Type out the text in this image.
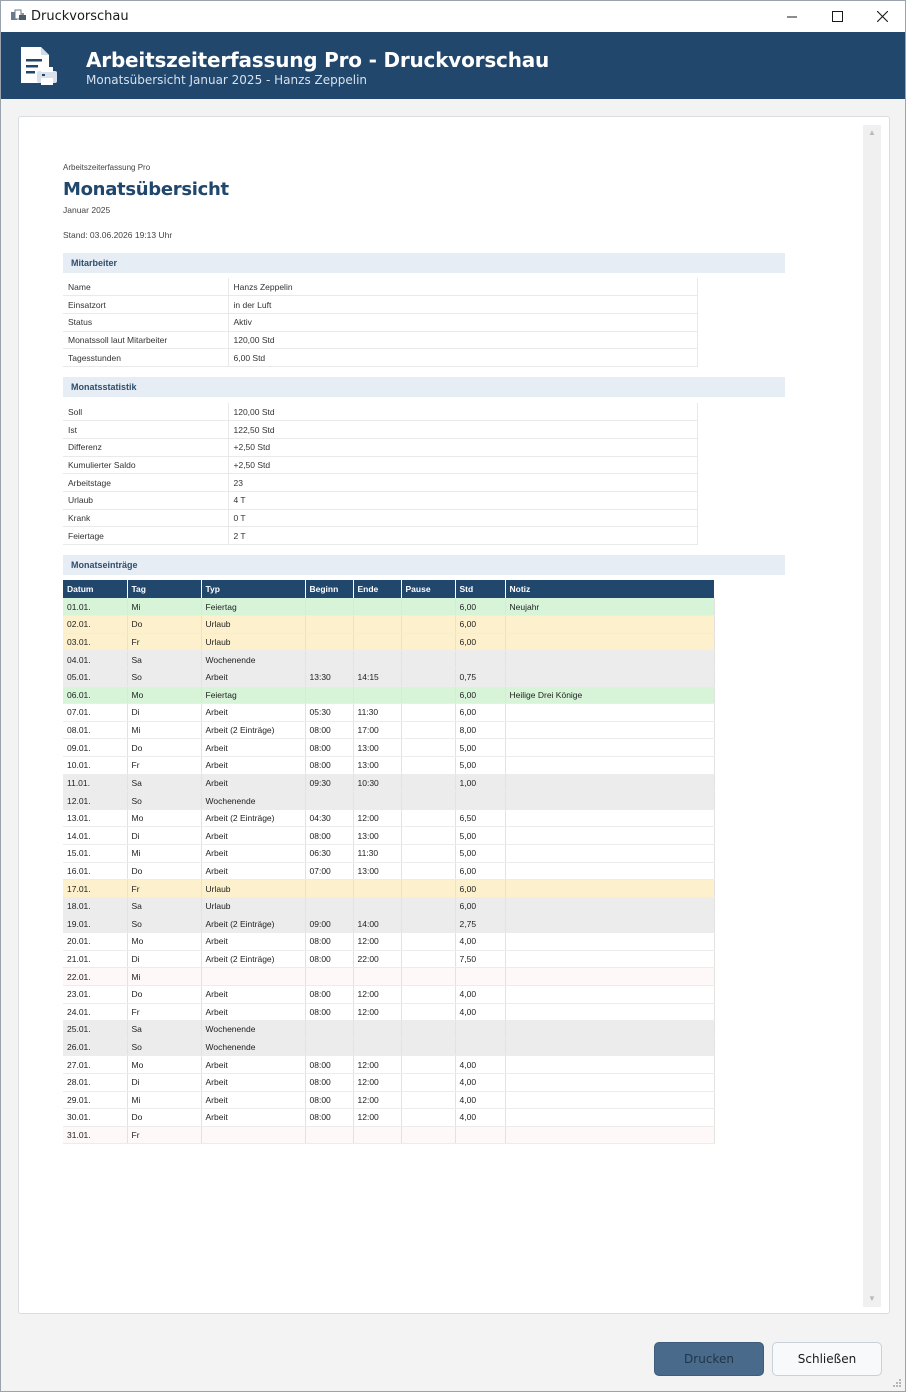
Druckvorschau
Arbeitszeiterfassung Pro - Druckvorschau
Monatsübersicht Januar 2025 - Hanzs Zeppelin
▲
▼
Arbeitszeiterfassung Pro
Monatsübersicht
Januar 2025
Stand: 03.06.2026 19:13 Uhr
Mitarbeiter
Name	Hanzs Zeppelin
Einsatzort	in der Luft
Status	Aktiv
Monatssoll laut Mitarbeiter	120,00 Std
Tagesstunden	6,00 Std
Monatsstatistik
Soll	120,00 Std
Ist	122,50 Std
Differenz	+2,50 Std
Kumulierter Saldo	+2,50 Std
Arbeitstage	23
Urlaub	4 T
Krank	0 T
Feiertage	2 T
Monatseinträge
Datum	Tag	Typ	Beginn	Ende	Pause	Std	Notiz
01.01.	Mi	Feiertag				6,00	Neujahr
02.01.	Do	Urlaub				6,00	
03.01.	Fr	Urlaub				6,00	
04.01.	Sa	Wochenende					
05.01.	So	Arbeit	13:30	14:15		0,75	
06.01.	Mo	Feiertag				6,00	Heilige Drei Könige
07.01.	Di	Arbeit	05:30	11:30		6,00	
08.01.	Mi	Arbeit (2 Einträge)	08:00	17:00		8,00	
09.01.	Do	Arbeit	08:00	13:00		5,00	
10.01.	Fr	Arbeit	08:00	13:00		5,00	
11.01.	Sa	Arbeit	09:30	10:30		1,00	
12.01.	So	Wochenende					
13.01.	Mo	Arbeit (2 Einträge)	04:30	12:00		6,50	
14.01.	Di	Arbeit	08:00	13:00		5,00	
15.01.	Mi	Arbeit	06:30	11:30		5,00	
16.01.	Do	Arbeit	07:00	13:00		6,00	
17.01.	Fr	Urlaub				6,00	
18.01.	Sa	Urlaub				6,00	
19.01.	So	Arbeit (2 Einträge)	09:00	14:00		2,75	
20.01.	Mo	Arbeit	08:00	12:00		4,00	
21.01.	Di	Arbeit (2 Einträge)	08:00	22:00		7,50	
22.01.	Mi						
23.01.	Do	Arbeit	08:00	12:00		4,00	
24.01.	Fr	Arbeit	08:00	12:00		4,00	
25.01.	Sa	Wochenende					
26.01.	So	Wochenende					
27.01.	Mo	Arbeit	08:00	12:00		4,00	
28.01.	Di	Arbeit	08:00	12:00		4,00	
29.01.	Mi	Arbeit	08:00	12:00		4,00	
30.01.	Do	Arbeit	08:00	12:00		4,00	
31.01.	Fr						
Drucken	Schließen
